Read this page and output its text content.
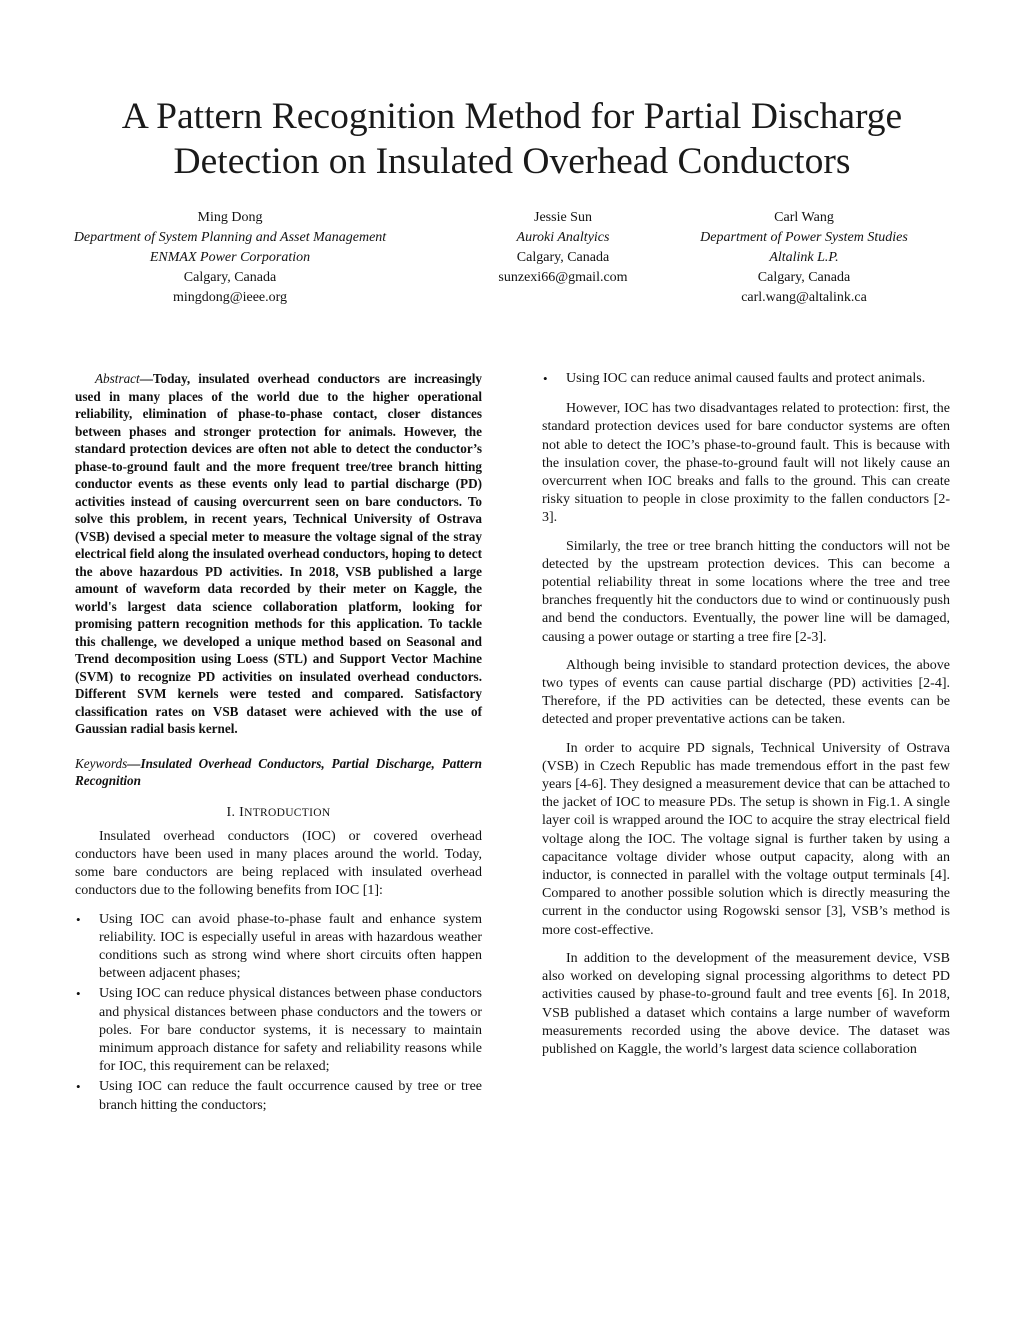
A Pattern Recognition Method for Partial Discharge
Detection on Insulated Overhead Conductors
Ming Dong
Department of System Planning and Asset Management
ENMAX Power Corporation
Calgary, Canada
mingdong@ieee.org
Jessie Sun
Auroki Analtyics
Calgary, Canada
sunzexi66@gmail.com
Carl Wang
Department of Power System Studies
Altalink L.P.
Calgary, Canada
carl.wang@altalink.ca

Abstract—Today, insulated overhead conductors are increasingly used in many places of the world due to the higher operational reliability, elimination of phase-to-phase contact, closer distances between phases and stronger protection for animals. However, the standard protection devices are often not able to detect the conductor’s phase-to-ground fault and the more frequent tree/tree branch hitting conductor events as these events only lead to partial discharge (PD) activities instead of causing overcurrent seen on bare conductors. To solve this problem, in recent years, Technical University of Ostrava (VSB) devised a special meter to measure the voltage signal of the stray electrical field along the insulated overhead conductors, hoping to detect the above hazardous PD activities. In 2018, VSB published a large amount of waveform data recorded by their meter on Kaggle, the world's largest data science collaboration platform, looking for promising pattern recognition methods for this application. To tackle this challenge, we developed a unique method based on Seasonal and Trend decomposition using Loess (STL) and Support Vector Machine (SVM) to recognize PD activities on insulated overhead conductors. Different SVM kernels were tested and compared. Satisfactory classification rates on VSB dataset were achieved with the use of Gaussian radial basis kernel.

Keywords—Insulated Overhead Conductors, Partial Discharge, Pattern Recognition

I. INTRODUCTION

Insulated overhead conductors (IOC) or covered overhead conductors have been used in many places around the world. Today, some bare conductors are being replaced with insulated overhead conductors due to the following benefits from IOC [1]:

• Using IOC can avoid phase-to-phase fault and enhance system reliability. IOC is especially useful in areas with hazardous weather conditions such as strong wind where short circuits often happen between adjacent phases;
• Using IOC can reduce physical distances between phase conductors and physical distances between phase conductors and the towers or poles. For bare conductor systems, it is necessary to maintain minimum approach distance for safety and reliability reasons while for IOC, this requirement can be relaxed;
• Using IOC can reduce the fault occurrence caused by tree or tree branch hitting the conductors;
• Using IOC can reduce animal caused faults and protect animals.

However, IOC has two disadvantages related to protection: first, the standard protection devices used for bare conductor systems are often not able to detect the IOC’s phase-to-ground fault. This is because with the insulation cover, the phase-to-ground fault will not likely cause an overcurrent when IOC breaks and falls to the ground. This can create risky situation to people in close proximity to the fallen conductors [2-3].

Similarly, the tree or tree branch hitting the conductors will not be detected by the upstream protection devices. This can become a potential reliability threat in some locations where the tree and tree branches frequently hit the conductors due to wind or continuously push and bend the conductors. Eventually, the power line will be damaged, causing a power outage or starting a tree fire [2-3].

Although being invisible to standard protection devices, the above two types of events can cause partial discharge (PD) activities [2-4]. Therefore, if the PD activities can be detected, these events can be detected and proper preventative actions can be taken.

In order to acquire PD signals, Technical University of Ostrava (VSB) in Czech Republic has made tremendous effort in the past few years [4-6]. They designed a measurement device that can be attached to the jacket of IOC to measure PDs. The setup is shown in Fig.1. A single layer coil is wrapped around the IOC to acquire the stray electrical field voltage along the IOC. The voltage signal is further taken by using a capacitance voltage divider whose output capacity, along with an inductor, is connected in parallel with the voltage output terminals [4]. Compared to another possible solution which is directly measuring the current in the conductor using Rogowski sensor [3], VSB’s method is more cost-effective.

In addition to the development of the measurement device, VSB also worked on developing signal processing algorithms to detect PD activities caused by phase-to-ground fault and tree events [6]. In 2018, VSB published a dataset which contains a large number of waveform measurements recorded using the above device. The dataset was published on Kaggle, the world’s largest data science collaboration
